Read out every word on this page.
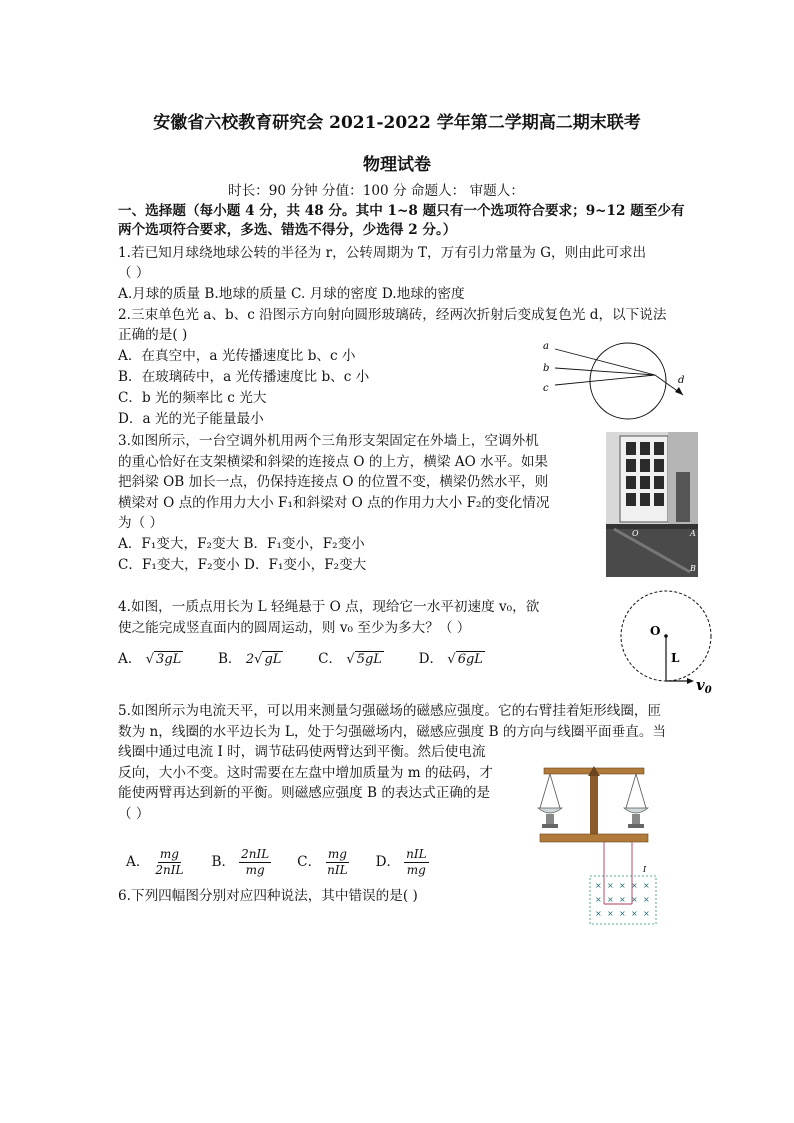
安徽省六校教育研究会 2021-2022 学年第二学期高二期末联考
物理试卷
时长：90 分钟 分值：100 分 命题人： 审题人：
一、选择题（每小题 4 分，共 48 分。其中 1~8 题只有一个选项符合要求；9~12 题至少有
两个选项符合要求，多选、错选不得分，少选得 2 分。）
1.若已知月球绕地球公转的半径为 r，公转周期为 T，万有引力常量为 G，则由此可求出
（ ）
A.月球的质量 B.地球的质量 C. 月球的密度 D.地球的密度
2.三束单色光 a、b、c 沿图示方向射向圆形玻璃砖，经两次折射后变成复色光 d，以下说法
正确的是( )
A．在真空中，a 光传播速度比 b、c 小
B．在玻璃砖中，a 光传播速度比 b、c 小
C．b 光的频率比 c 光大
D．a 光的光子能量最小
a
b
c
d
3.如图所示，一台空调外机用两个三角形支架固定在外墙上，空调外机
的重心恰好在支架横梁和斜梁的连接点 O 的上方，横梁 AO 水平。如果
把斜梁 OB 加长一点，仍保持连接点 O 的位置不变，横梁仍然水平，则
横梁对 O 点的作用力大小 F₁和斜梁对 O 点的作用力大小 F₂的变化情况
为（ ）
A．F₁变大，F₂变大 B．F₁变小，F₂变小
C．F₁变大，F₂变小 D．F₁变小，F₂变大
O	A
B
4.如图，一质点用长为 L 轻绳悬于 O 点，现给它一水平初速度 v₀，欲
使之能完成竖直面内的圆周运动，则 v₀ 至少为多大？（ ）
A． √ 3gL	B． 2√ gL	C． √ 5gL	D． √ 6gL
O
L
$v_0$
5.如图所示为电流天平，可以用来测量匀强磁场的磁感应强度。它的右臂挂着矩形线圈，匝
数为 n，线圈的水平边长为 L，处于匀强磁场内，磁感应强度 B 的方向与线圈平面垂直。当
线圈中通过电流 I 时，调节砝码使两臂达到平衡。然后使电流
反向，大小不变。这时需要在左盘中增加质量为 m 的砝码，才
能使两臂再达到新的平衡。则磁感应强度 B 的表达式正确的是
（ ）
A． $\frac{mg}{\text{2nIL}}$ B． $\frac{\text{2nIL}}{mg}$ C． $\frac{mg}{\text{nIL}}$ D． $\frac{\text{nIL}}{mg}$	I
× × × × ×
× × × × ×
× × × × ×
6.下列四幅图分别对应四种说法，其中错误的是( )
